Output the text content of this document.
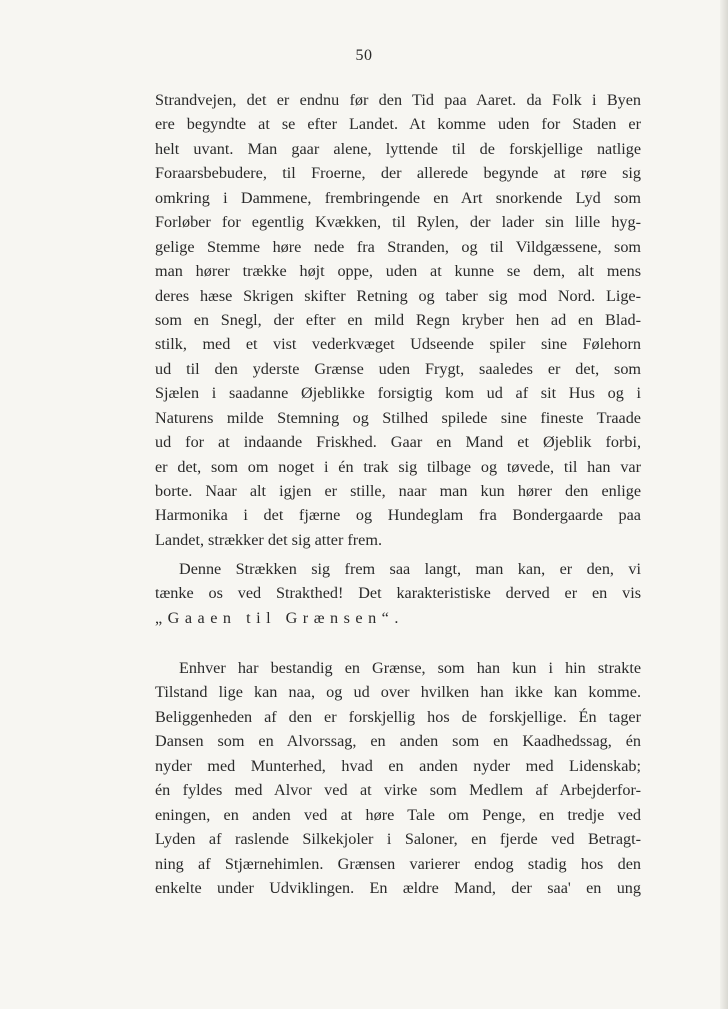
50
Strandvejen, det er endnu før den Tid paa Aaret. da Folk i Byen
ere begyndte at se efter Landet. At komme uden for Staden er
helt uvant. Man gaar alene, lyttende til de forskjellige natlige
Foraarsbebudere, til Froerne, der allerede begynde at røre sig
omkring i Dammene, frembringende en Art snorkende Lyd som
Forløber for egentlig Kvækken, til Rylen, der lader sin lille hyg-
gelige Stemme høre nede fra Stranden, og til Vildgæssene, som
man hører trække højt oppe, uden at kunne se dem, alt mens
deres hæse Skrigen skifter Retning og taber sig mod Nord. Lige-
som en Snegl, der efter en mild Regn kryber hen ad en Blad-
stilk, med et vist vederkvæget Udseende spiler sine Følehorn
ud til den yderste Grænse uden Frygt, saaledes er det, som
Sjælen i saadanne Øjeblikke forsigtig kom ud af sit Hus og i
Naturens milde Stemning og Stilhed spilede sine fineste Traade
ud for at indaande Friskhed. Gaar en Mand et Øjeblik forbi,
er det, som om noget i én trak sig tilbage og tøvede, til han var
borte. Naar alt igjen er stille, naar man kun hører den enlige
Harmonika i det fjærne og Hundeglam fra Bondergaarde paa
Landet, strækker det sig atter frem.
Denne Strækken sig frem saa langt, man kan, er den, vi
tænke os ved Strakthed! Det karakteristiske derved er en vis
„Gaaen til Grænsen“.
Enhver har bestandig en Grænse, som han kun i hin strakte
Tilstand lige kan naa, og ud over hvilken han ikke kan komme.
Beliggenheden af den er forskjellig hos de forskjellige. Én tager
Dansen som en Alvorssag, en anden som en Kaadhedssag, én
nyder med Munterhed, hvad en anden nyder med Lidenskab;
én fyldes med Alvor ved at virke som Medlem af Arbejderfor-
eningen, en anden ved at høre Tale om Penge, en tredje ved
Lyden af raslende Silkekjoler i Saloner, en fjerde ved Betragt-
ning af Stjærnehimlen. Grænsen varierer endog stadig hos den
enkelte under Udviklingen. En ældre Mand, der saa' en ung
